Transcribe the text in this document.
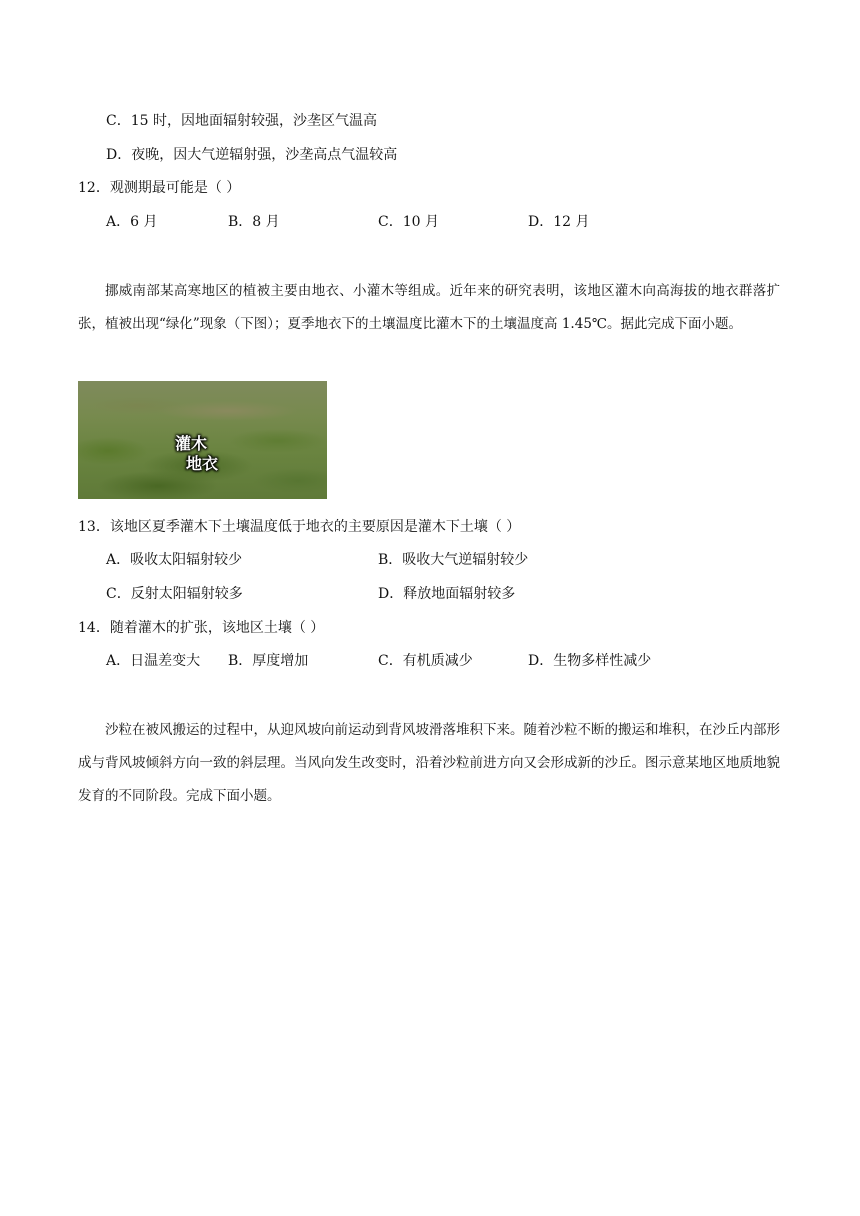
C．15 时，因地面辐射较强，沙垄区气温高
D．夜晚，因大气逆辐射强，沙垄高点气温较高
12．观测期最可能是（ ）
A．6 月	B．8 月	C．10 月	D．12 月

挪威南部某高寒地区的植被主要由地衣、小灌木等组成。近年来的研究表明，该地区灌木向高海拔的地衣群落扩张，植被出现“绿化”现象（下图）；夏季地衣下的土壤温度比灌木下的土壤温度高 1.45℃。据此完成下面小题。

灌木
地衣
13．该地区夏季灌木下土壤温度低于地衣的主要原因是灌木下土壤（ ）
A．吸收太阳辐射较少	B．吸收大气逆辐射较少
C．反射太阳辐射较多	D．释放地面辐射较多
14．随着灌木的扩张，该地区土壤（ ）
A．日温差变大 B．厚度增加	C．有机质减少	D．生物多样性减少

沙粒在被风搬运的过程中，从迎风坡向前运动到背风坡滑落堆积下来。随着沙粒不断的搬运和堆积，在沙丘内部形成与背风坡倾斜方向一致的斜层理。当风向发生改变时，沿着沙粒前进方向又会形成新的沙丘。图示意某地区地质地貌发育的不同阶段。完成下面小题。
